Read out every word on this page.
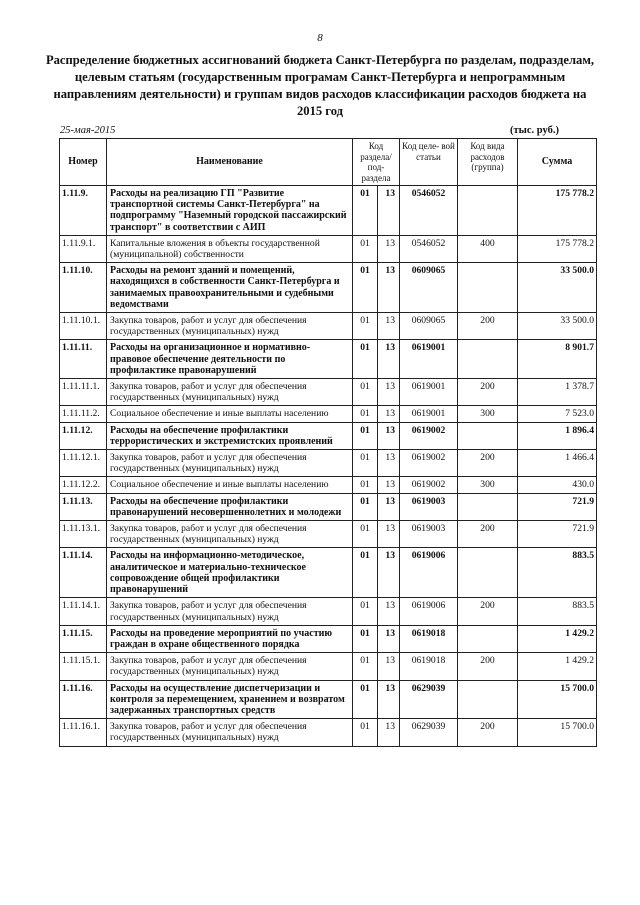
8
Распределение бюджетных ассигнований бюджета Санкт-Петербурга по разделам, подразделам, целевым статьям (государственным програмам Санкт-Петербурга и непрограммным направлениям деятельности) и группам видов расходов классификации расходов бюджета на 2015 год
25-мая-2015	(тыс. руб.)
Номер	Наименование	Код раздела/ под- раздела		Код целе- вой статьи	Код вида расходов (группа)	Сумма
1.11.9.	Расходы на реализацию ГП "Развитие транспортной системы Санкт-Петербурга" на подпрограмму "Наземный городской пассажирский транспорт" в соответствии с АИП	01	13	0546052		175 778.2
1.11.9.1.	Капитальные вложения в объекты государственной (муниципальной) собственности	01	13	0546052	400	175 778.2
1.11.10.	Расходы на ремонт зданий и помещений, находящихся в собственности Санкт-Петербурга и занимаемых правоохранительными и судебными ведомствами	01	13	0609065		33 500.0
1.11.10.1.	Закупка товаров, работ и услуг для обеспечения государственных (муниципальных) нужд	01	13	0609065	200	33 500.0
1.11.11.	Расходы на организационное и нормативно-правовое обеспечение деятельности по профилактике правонарушений	01	13	0619001		8 901.7
1.11.11.1.	Закупка товаров, работ и услуг для обеспечения государственных (муниципальных) нужд	01	13	0619001	200	1 378.7
1.11.11.2.	Социальное обеспечение и иные выплаты населению	01	13	0619001	300	7 523.0
1.11.12.	Расходы на обеспечение профилактики террористических и экстремистских проявлений	01	13	0619002		1 896.4
1.11.12.1.	Закупка товаров, работ и услуг для обеспечения государственных (муниципальных) нужд	01	13	0619002	200	1 466.4
1.11.12.2.	Социальное обеспечение и иные выплаты населению	01	13	0619002	300	430.0
1.11.13.	Расходы на обеспечение профилактики правонарушений несовершеннолетних и молодежи	01	13	0619003		721.9
1.11.13.1.	Закупка товаров, работ и услуг для обеспечения государственных (муниципальных) нужд	01	13	0619003	200	721.9
1.11.14.	Расходы на информационно-методическое, аналитическое и материально-техническое сопровождение общей профилактики правонарушений	01	13	0619006		883.5
1.11.14.1.	Закупка товаров, работ и услуг для обеспечения государственных (муниципальных) нужд	01	13	0619006	200	883.5
1.11.15.	Расходы на проведение мероприятий по участию граждан в охране общественного порядка	01	13	0619018		1 429.2
1.11.15.1.	Закупка товаров, работ и услуг для обеспечения государственных (муниципальных) нужд	01	13	0619018	200	1 429.2
1.11.16.	Расходы на осуществление диспетчеризации и контроля за перемещением, хранением и возвратом задержанных транспортных средств	01	13	0629039		15 700.0
1.11.16.1.	Закупка товаров, работ и услуг для обеспечения государственных (муниципальных) нужд	01	13	0629039	200	15 700.0
